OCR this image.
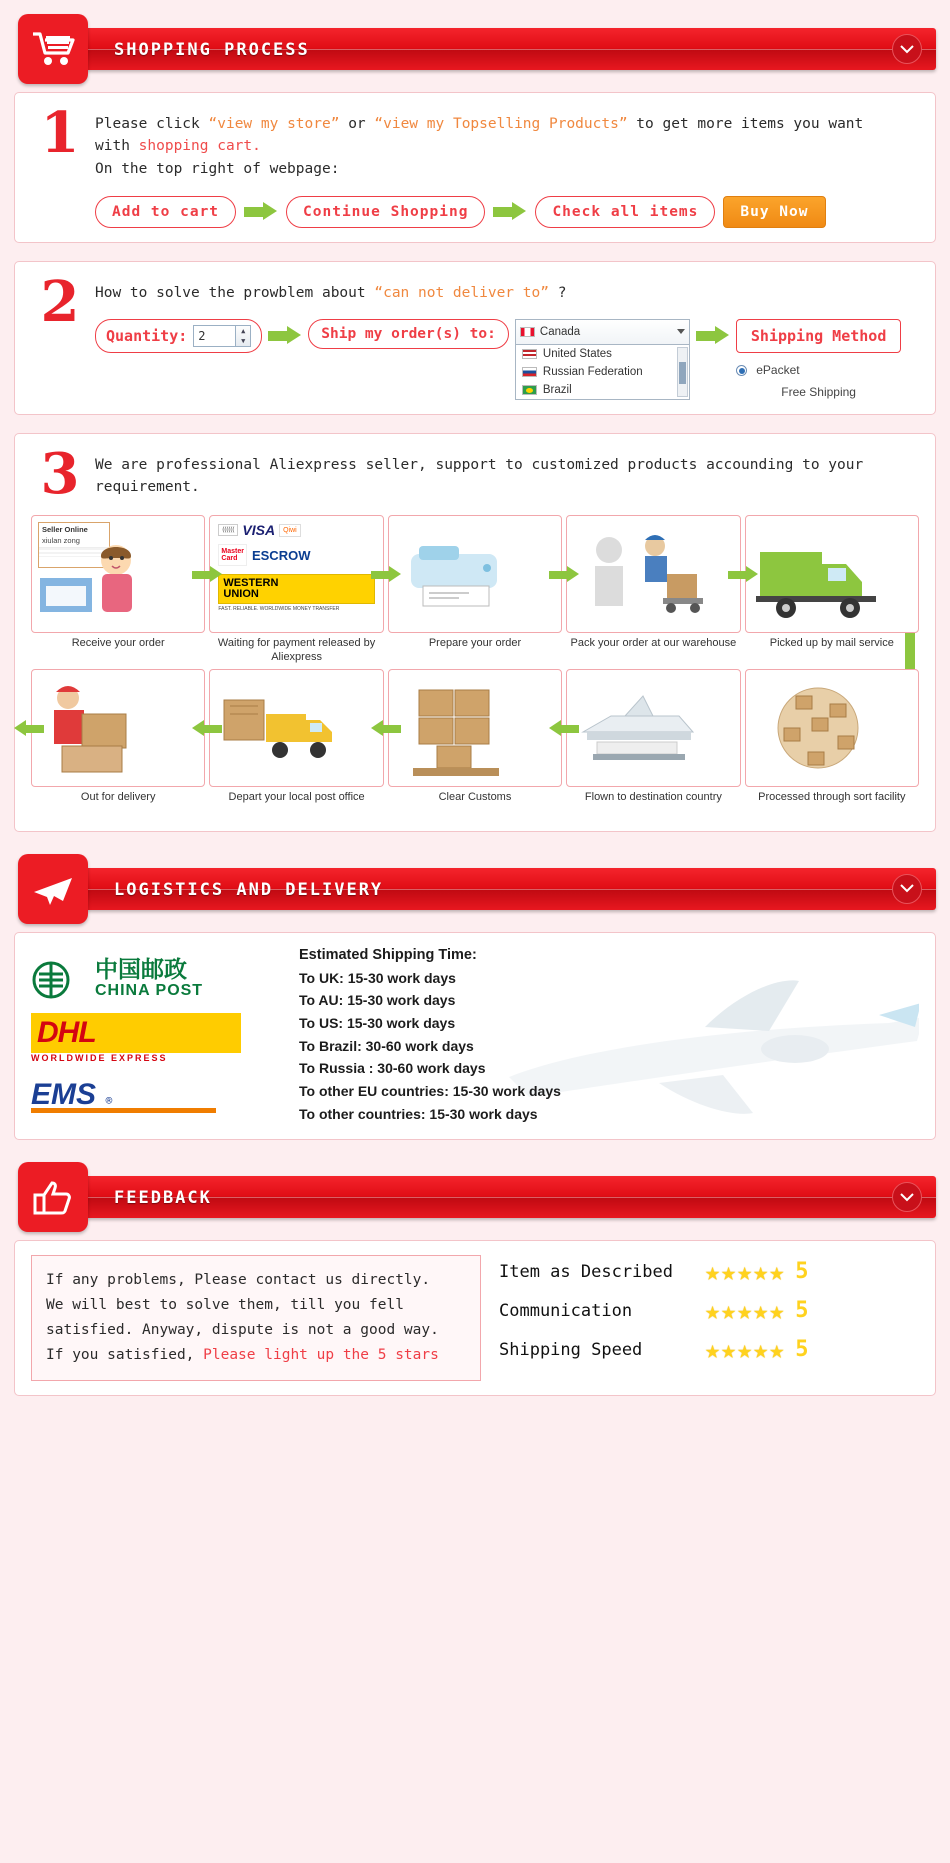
SHOPPING PROCESS
1	Please click “view my store” or “view my Topselling Products” to get more items you want
with shopping cart.
On the top right of webpage:
Add to cart	Continue Shopping	Check all items	Buy Now
2	How to solve the prowblem about “can not deliver to” ?
Quantity: 2	▲
▼	Ship my order(s) to:	Canada
United States
Russian Federation
Brazil
Shipping Method
ePacket
Free Shipping
3	We are professional Aliexpress seller, support to customized products accounding to your requirement.
Seller Online
xiulan zong
Receive your order
(((((( VISA	Qiwi
Master
Card	ESCROW
WESTERN
UNION
FAST. RELIABLE. WORLDWIDE MONEY TRANSFER
Waiting for payment released by Aliexpress
Prepare your order	Pack your order at our warehouse	Picked up by mail service
Out for delivery	Depart your local post office	Clear Customs	Flown to destination country	Processed through sort facility
LOGISTICS AND DELIVERY
中国邮政
CHINA POST
DHL
WORLDWIDE EXPRESS
EMS ®
Estimated Shipping Time:
To UK: 15-30 work days
To AU: 15-30 work days
To US: 15-30 work days
To Brazil: 30-60 work days
To Russia : 30-60 work days
To other EU countries: 15-30 work days
To other countries: 15-30 work days
FEEDBACK
If any problems, Please contact us directly.
We will best to solve them, till you fell
satisfied. Anyway, dispute is not a good way.
If you satisfied, Please light up the 5 stars
Item as Described	★★★★★ 5
Communication	★★★★★ 5
Shipping Speed	★★★★★ 5
